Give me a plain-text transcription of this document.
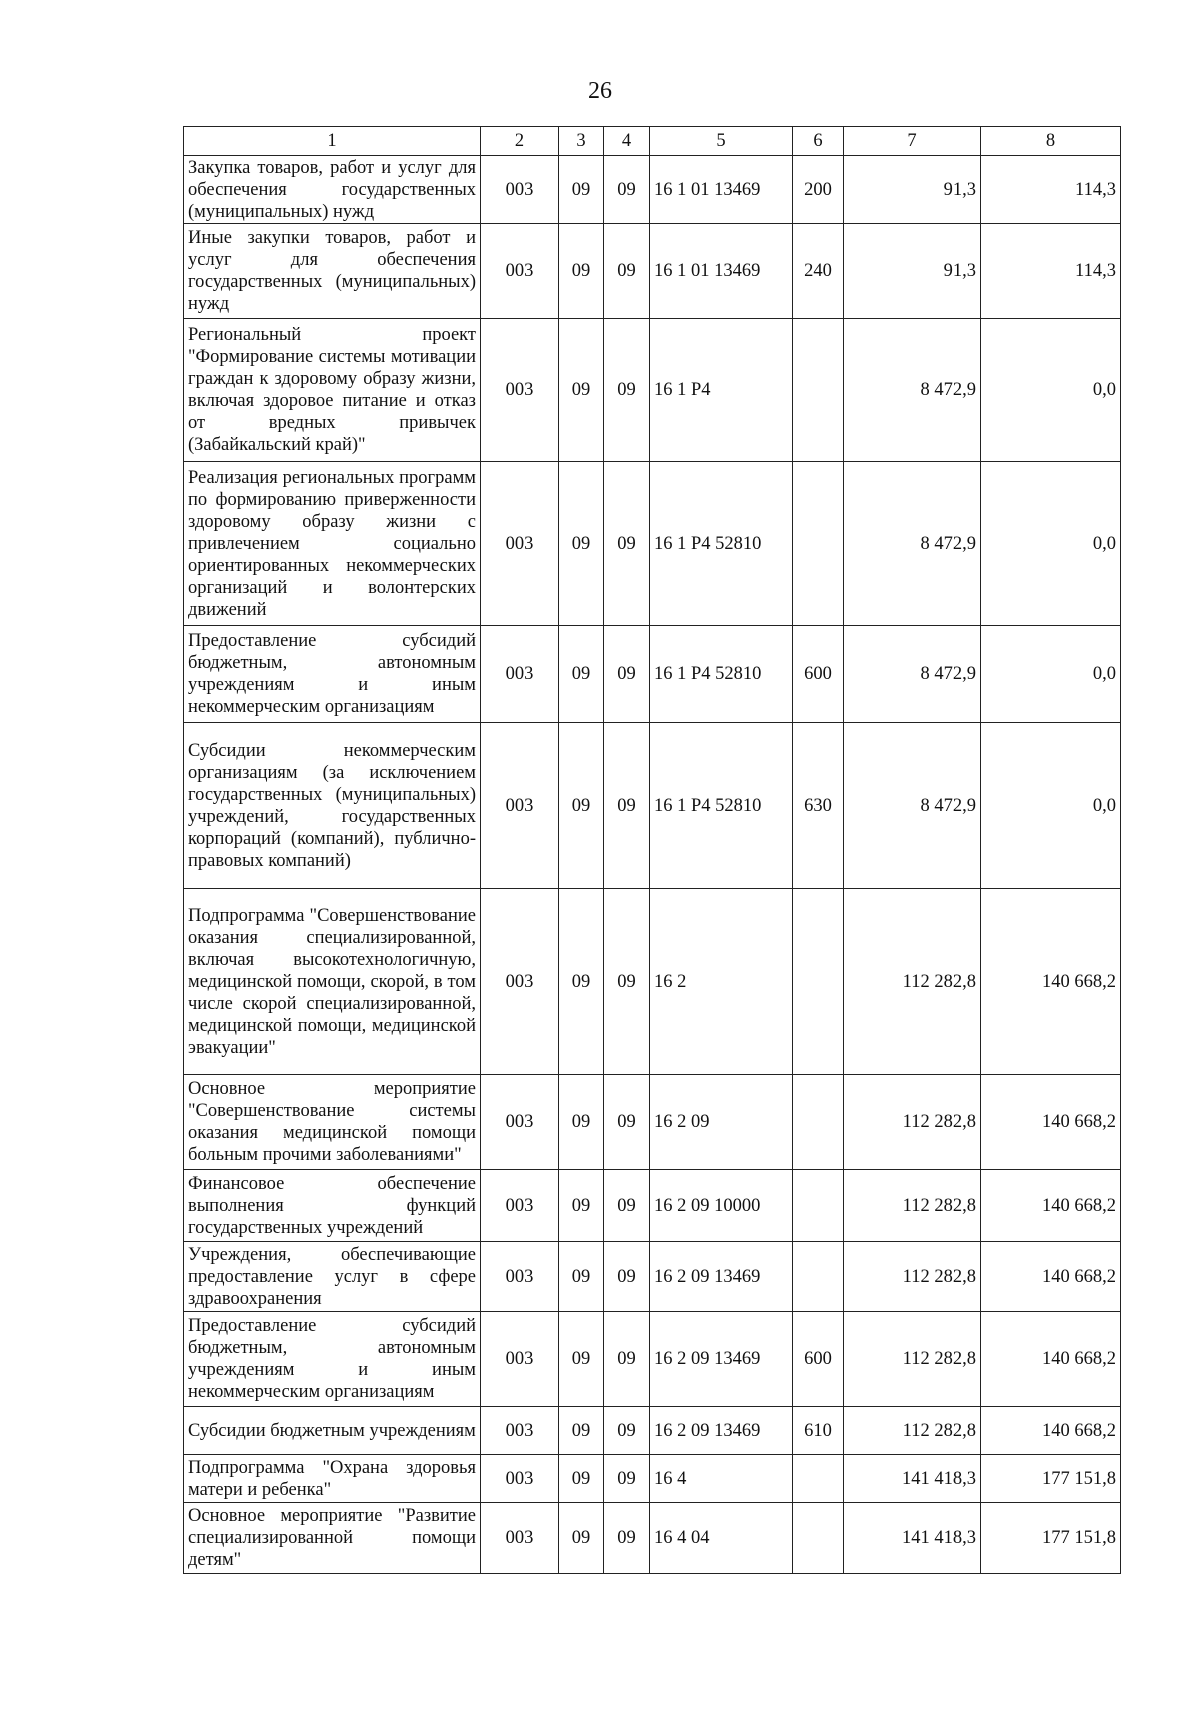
26
1	2	3	4	5	6	7	8
Закупка товаров, работ и услуг для обеспечения государственных (муниципальных) нужд	003	09	09	16 1 01 13469	200	91,3	114,3
Иные закупки товаров, работ и услуг для обеспечения государственных (муниципальных) нужд	003	09	09	16 1 01 13469	240	91,3	114,3
Региональный проект "Формирование системы мотивации граждан к здоровому образу жизни, включая здоровое питание и отказ от вредных привычек (Забайкальский край)"	003	09	09	16 1 P4		8 472,9	0,0
Реализация региональных программ по формированию приверженности здоровому образу жизни с привлечением социально ориентированных некоммерческих организаций и волонтерских движений	003	09	09	16 1 P4 52810		8 472,9	0,0
Предоставление субсидий бюджетным, автономным учреждениям и иным некоммерческим организациям	003	09	09	16 1 P4 52810	600	8 472,9	0,0
Субсидии некоммерческим организациям (за исключением государственных (муниципальных) учреждений, государственных корпораций (компаний), публично-правовых компаний)	003	09	09	16 1 P4 52810	630	8 472,9	0,0
Подпрограмма "Совершенствование оказания специализированной, включая высокотехнологичную, медицинской помощи, скорой, в том числе скорой специализированной, медицинской помощи, медицинской эвакуации"	003	09	09	16 2		112 282,8	140 668,2
Основное мероприятие "Совершенствование системы оказания медицинской помощи больным прочими заболеваниями"	003	09	09	16 2 09		112 282,8	140 668,2
Финансовое обеспечение выполнения функций государственных учреждений	003	09	09	16 2 09 10000		112 282,8	140 668,2
Учреждения, обеспечивающие предоставление услуг в сфере здравоохранения	003	09	09	16 2 09 13469		112 282,8	140 668,2
Предоставление субсидий бюджетным, автономным учреждениям и иным некоммерческим организациям	003	09	09	16 2 09 13469	600	112 282,8	140 668,2
Субсидии бюджетным учреждениям	003	09	09	16 2 09 13469	610	112 282,8	140 668,2
Подпрограмма "Охрана здоровья матери и ребенка"	003	09	09	16 4		141 418,3	177 151,8
Основное мероприятие "Развитие специализированной помощи детям"	003	09	09	16 4 04		141 418,3	177 151,8
